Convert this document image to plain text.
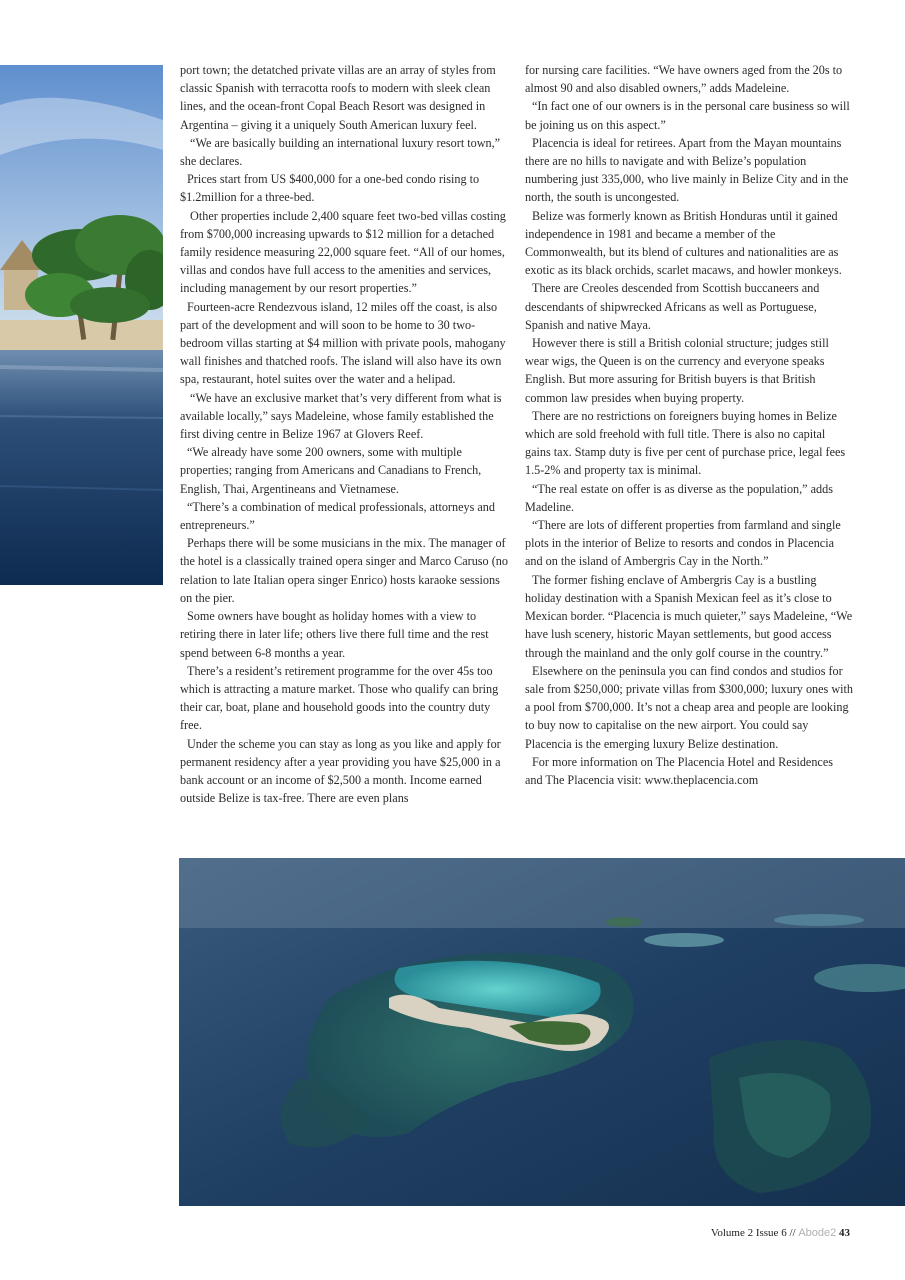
port town; the detatched private villas are an array of styles from classic Spanish with terracotta roofs to modern with sleek clean lines, and the ocean-front Copal Beach Resort was designed in Argentina – giving it a uniquely South American luxury feel.

“We are basically building an international luxury resort town,” she declares.

Prices start from US $400,000 for a one-bed condo rising to $1.2million for a three-bed.

Other properties include 2,400 square feet two-bed villas costing from $700,000 increasing upwards to $12 million for a detached family residence measuring 22,000 square feet. “All of our homes, villas and condos have full access to the amenities and services, including management by our resort properties.”

Fourteen-acre Rendezvous island, 12 miles off the coast, is also part of the development and will soon to be home to 30 two-bedroom villas starting at $4 million with private pools, mahogany wall finishes and thatched roofs. The island will also have its own spa, restaurant, hotel suites over the water and a helipad.

“We have an exclusive market that’s very different from what is available locally,” says Madeleine, whose family established the first diving centre in Belize 1967 at Glovers Reef.

“We already have some 200 owners, some with multiple properties; ranging from Americans and Canadians to French, English, Thai, Argentineans and Vietnamese.

“There’s a combination of medical professionals, attorneys and entrepreneurs.”

Perhaps there will be some musicians in the mix. The manager of the hotel is a classically trained opera singer and Marco Caruso (no relation to late Italian opera singer Enrico) hosts karaoke sessions on the pier.

Some owners have bought as holiday homes with a view to retiring there in later life; others live there full time and the rest spend between 6-8 months a year.

There’s a resident’s retirement programme for the over 45s too which is attracting a mature market. Those who qualify can bring their car, boat, plane and household goods into the country duty free.

Under the scheme you can stay as long as you like and apply for permanent residency after a year providing you have $25,000 in a bank account or an income of $2,500 a month. Income earned outside Belize is tax-free. There are even plans

for nursing care facilities. “We have owners aged from the 20s to almost 90 and also disabled owners,” adds Madeleine.

“In fact one of our owners is in the personal care business so will be joining us on this aspect.”

Placencia is ideal for retirees. Apart from the Mayan mountains there are no hills to navigate and with Belize’s population numbering just 335,000, who live mainly in Belize City and in the north, the south is uncongested.

Belize was formerly known as British Honduras until it gained independence in 1981 and became a member of the Commonwealth, but its blend of cultures and nationalities are as exotic as its black orchids, scarlet macaws, and howler monkeys.

There are Creoles descended from Scottish buccaneers and descendants of shipwrecked Africans as well as Portuguese, Spanish and native Maya.

However there is still a British colonial structure; judges still wear wigs, the Queen is on the currency and everyone speaks English. But more assuring for British buyers is that British common law presides when buying property.

There are no restrictions on foreigners buying homes in Belize which are sold freehold with full title. There is also no capital gains tax. Stamp duty is five per cent of purchase price, legal fees 1.5-2% and property tax is minimal.

“The real estate on offer is as diverse as the population,” adds Madeline.

“There are lots of different properties from farmland and single plots in the interior of Belize to resorts and condos in Placencia and on the island of Ambergris Cay in the North.”

The former fishing enclave of Ambergris Cay is a bustling holiday destination with a Spanish Mexican feel as it’s close to Mexican border. “Placencia is much quieter,” says Madeleine, “We have lush scenery, historic Mayan settlements, but good access through the mainland and the only golf course in the country.”

Elsewhere on the peninsula you can find condos and studios for sale from $250,000; private villas from $300,000; luxury ones with a pool from $700,000. It’s not a cheap area and people are looking to buy now to capitalise on the new airport. You could say Placencia is the emerging luxury Belize destination.

For more information on The Placencia Hotel and Residences and The Placencia visit: www.theplacencia.com

Volume 2 Issue 6 // Abode2 43
